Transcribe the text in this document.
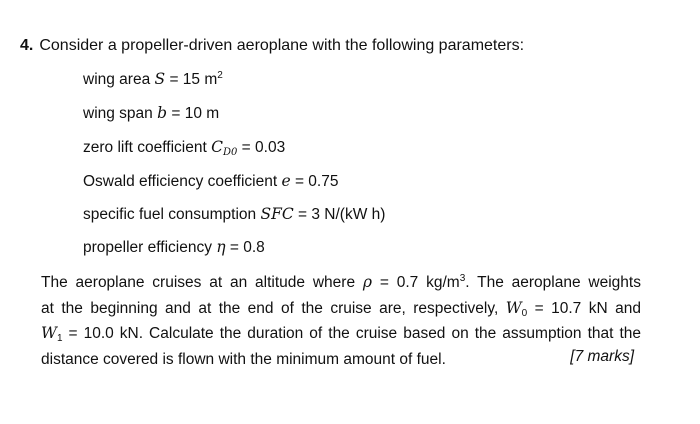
4. Consider a propeller-driven aeroplane with the following parameters:
wing area S = 15 $m^2$
wing span b = 10 m
zero lift coefficient $C_{D0} = 0.03$
Oswald efficiency coefficient e = 0.75
specific fuel consumption SFC = 3 N/(kW h)
propeller efficiency η = 0.8
The aeroplane cruises at an altitude where ρ = 0.7 $kg/m^3$. The aeroplane weights
at the beginning and at the end of the cruise are, respectively, $W_0 = 10.7$ kN and
$W_1 = 10.0$ kN. Calculate the duration of the cruise based on the assumption that the
distance covered is flown with the minimum amount of fuel.	[7 marks]
